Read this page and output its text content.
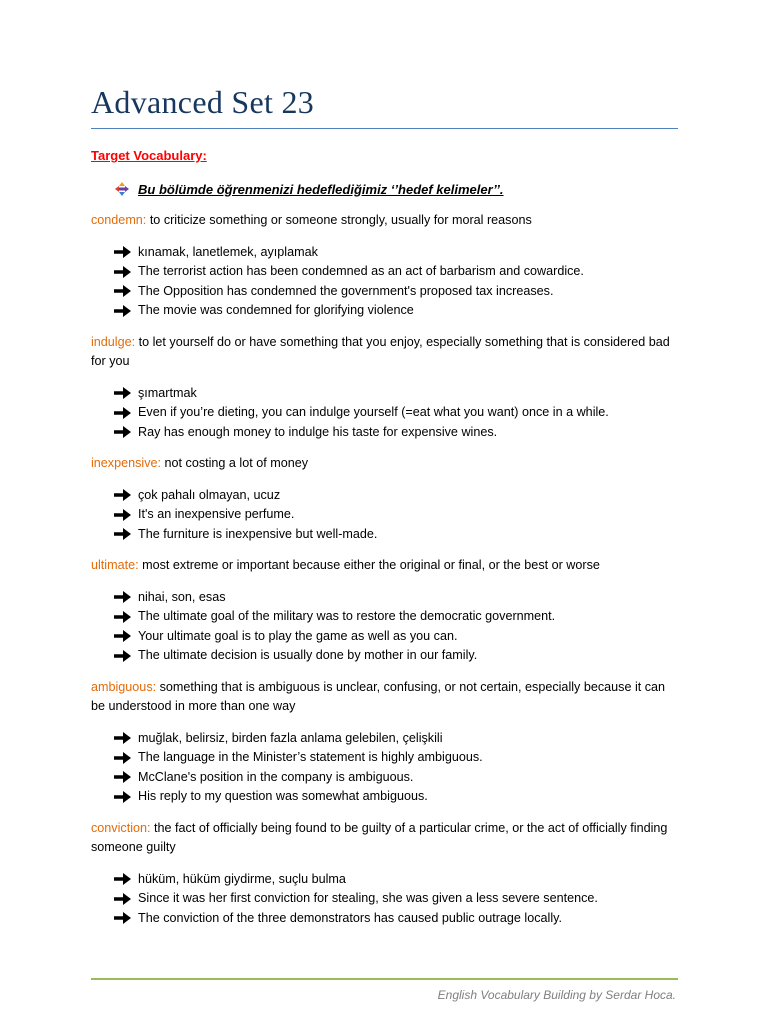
Advanced Set 23
Target Vocabulary:
Bu bölümde öğrenmenizi hedeflediğimiz ‘’hedef kelimeler’’.
condemn: to criticize something or someone strongly, usually for moral reasons
kınamak, lanetlemek, ayıplamak
The terrorist action has been condemned as an act of barbarism and cowardice.
The Opposition has condemned the government's proposed tax increases.
The movie was condemned for glorifying violence
indulge: to let yourself do or have something that you enjoy, especially something that is considered bad for you
şımartmak
Even if you’re dieting, you can indulge yourself (=eat what you want) once in a while.
Ray has enough money to indulge his taste for expensive wines.
inexpensive: not costing a lot of money
çok pahalı olmayan, ucuz
It's an inexpensive perfume.
The furniture is inexpensive but well-made.
ultimate: most extreme or important because either the original or final, or the best or worse
nihai, son, esas
The ultimate goal of the military was to restore the democratic government.
Your ultimate goal is to play the game as well as you can.
The ultimate decision is usually done by mother in our family.
ambiguous: something that is ambiguous is unclear, confusing, or not certain, especially because it can be understood in more than one way
muğlak, belirsiz, birden fazla anlama gelebilen, çelişkili
The language in the Minister’s statement is highly ambiguous.
McClane's position in the company is ambiguous.
His reply to my question was somewhat ambiguous.
conviction: the fact of officially being found to be guilty of a particular crime, or the act of officially finding someone guilty
hüküm, hüküm giydirme, suçlu bulma
Since it was her first conviction for stealing, she was given a less severe sentence.
The conviction of the three demonstrators has caused public outrage locally.
English Vocabulary Building by Serdar Hoca.
